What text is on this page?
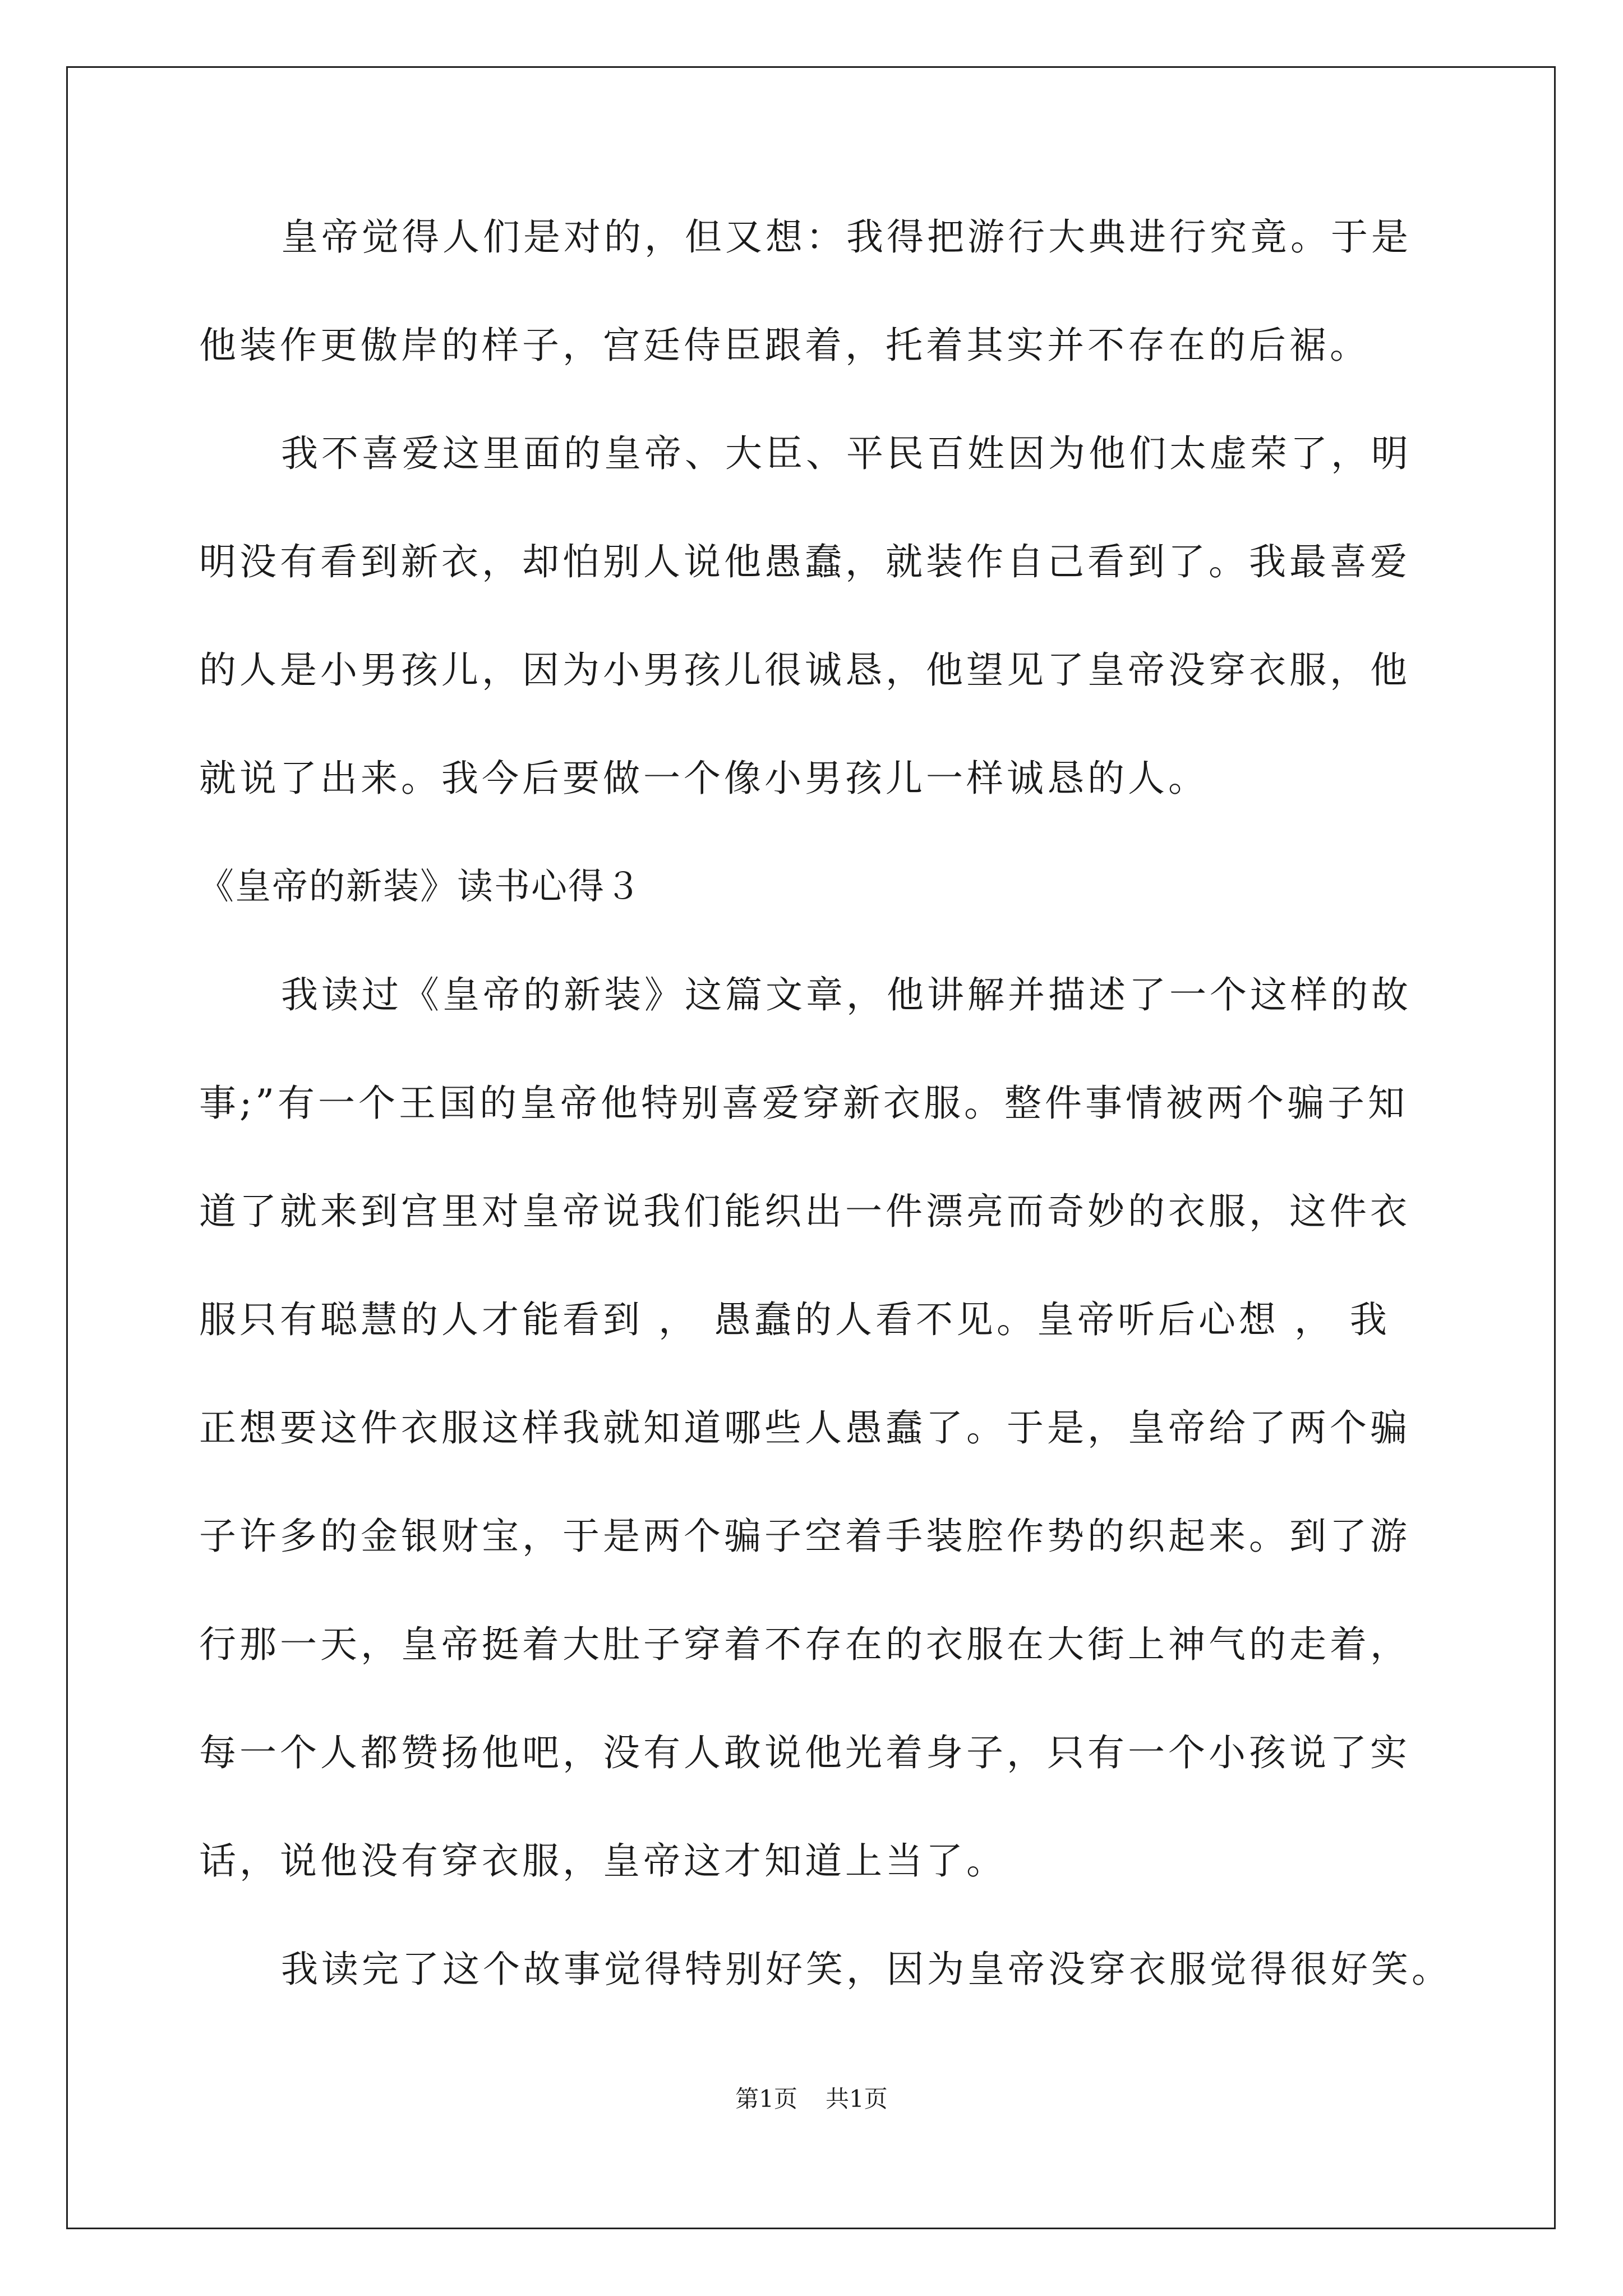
皇帝觉得人们是对的，但又想：我得把游行大典进行究竟。于是
他装作更傲岸的样子，宫廷侍臣跟着，托着其实并不存在的后裾。
我不喜爱这里面的皇帝、大臣、平民百姓因为他们太虚荣了，明
明没有看到新衣，却怕别人说他愚蠢，就装作自己看到了。我最喜爱
的人是小男孩儿，因为小男孩儿很诚恳，他望见了皇帝没穿衣服，他
就说了出来。我今后要做一个像小男孩儿一样诚恳的人。
《皇帝的新装》读书心得３
我读过《皇帝的新装》这篇文章，他讲解并描述了一个这样的故
事;”有一个王国的皇帝他特别喜爱穿新衣服。整件事情被两个骗子知
道了就来到宫里对皇帝说我们能织出一件漂亮而奇妙的衣服，这件衣
服只有聪慧的人才能看到 ， 愚蠢的人看不见。皇帝听后心想 ， 我
正想要这件衣服这样我就知道哪些人愚蠢了。于是，皇帝给了两个骗
子许多的金银财宝，于是两个骗子空着手装腔作势的织起来。到了游
行那一天，皇帝挺着大肚子穿着不存在的衣服在大街上神气的走着，
每一个人都赞扬他吧，没有人敢说他光着身子，只有一个小孩说了实
话，说他没有穿衣服，皇帝这才知道上当了。
我读完了这个故事觉得特别好笑，因为皇帝没穿衣服觉得很好笑。
第1页 共1页
